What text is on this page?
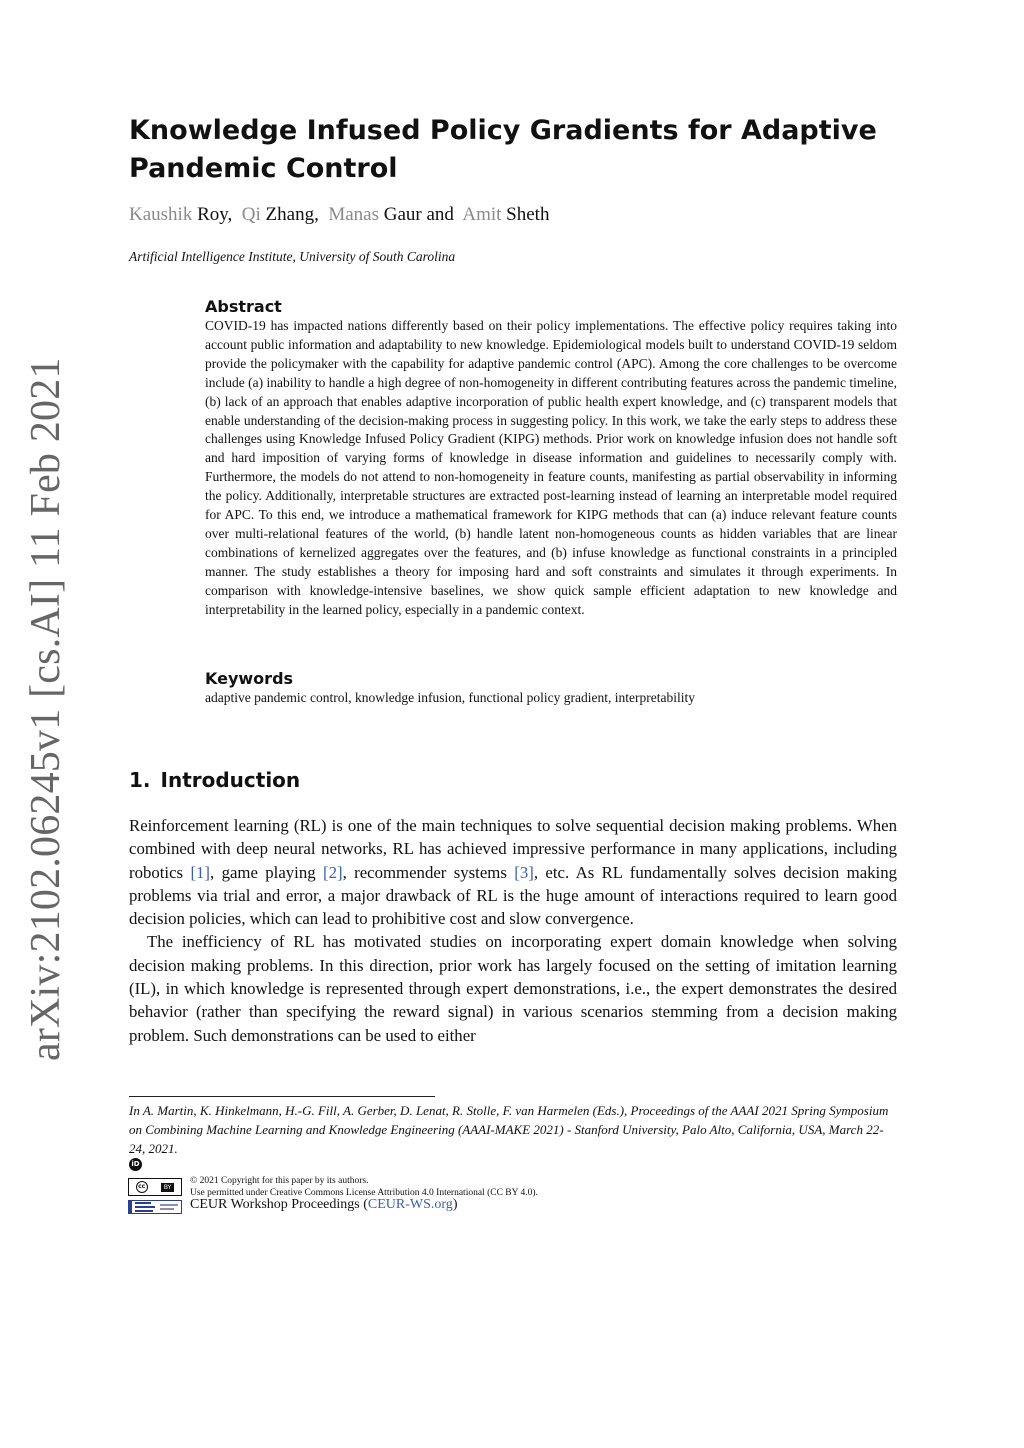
arXiv:2102.06245v1 [cs.AI] 11 Feb 2021
Knowledge Infused Policy Gradients for Adaptive Pandemic Control
Kaushik Roy, Qi Zhang, Manas Gaur and Amit Sheth
Artificial Intelligence Institute, University of South Carolina
Abstract

COVID-19 has impacted nations differently based on their policy implementations. The effective policy requires taking into account public information and adaptability to new knowledge. Epidemiological models built to understand COVID-19 seldom provide the policymaker with the capability for adaptive pandemic control (APC). Among the core challenges to be overcome include (a) inability to handle a high degree of non-homogeneity in different contributing features across the pandemic timeline, (b) lack of an approach that enables adaptive incorporation of public health expert knowledge, and (c) transparent models that enable understanding of the decision-making process in suggesting policy. In this work, we take the early steps to address these challenges using Knowledge Infused Policy Gradient (KIPG) methods. Prior work on knowledge infusion does not handle soft and hard imposition of varying forms of knowledge in disease information and guidelines to necessarily comply with. Furthermore, the models do not attend to non-homogeneity in feature counts, manifesting as partial observability in informing the policy. Additionally, interpretable structures are extracted post-learning instead of learning an interpretable model required for APC. To this end, we introduce a mathematical framework for KIPG methods that can (a) induce relevant feature counts over multi-relational features of the world, (b) handle latent non-homogeneous counts as hidden variables that are linear combinations of kernelized aggregates over the features, and (b) infuse knowledge as functional constraints in a principled manner. The study establishes a theory for imposing hard and soft constraints and simulates it through experiments. In comparison with knowledge-intensive baselines, we show quick sample efficient adaptation to new knowledge and interpretability in the learned policy, especially in a pandemic context.

Keywords

adaptive pandemic control, knowledge infusion, functional policy gradient, interpretability

1. Introduction

Reinforcement learning (RL) is one of the main techniques to solve sequential decision making problems. When combined with deep neural networks, RL has achieved impressive performance in many applications, including robotics [1], game playing [2], recommender systems [3], etc. As RL fundamentally solves decision making problems via trial and error, a major drawback of RL is the huge amount of interactions required to learn good decision policies, which can lead to prohibitive cost and slow convergence.

The inefficiency of RL has motivated studies on incorporating expert domain knowledge when solving decision making problems. In this direction, prior work has largely focused on the setting of imitation learning (IL), in which knowledge is represented through expert demonstrations, i.e., the expert demonstrates the desired behavior (rather than specifying the reward signal) in various scenarios stemming from a decision making problem. Such demonstrations can be used to either

In A. Martin, K. Hinkelmann, H.-G. Fill, A. Gerber, D. Lenat, R. Stolle, F. van Harmelen (Eds.), Proceedings of the AAAI 2021 Spring Symposium on Combining Machine Learning and Knowledge Engineering (AAAI-MAKE 2021) - Stanford University, Palo Alto, California, USA, March 22-24, 2021.
iD
cc	BY
© 2021 Copyright for this paper by its authors.
Use permitted under Creative Commons License Attribution 4.0 International (CC BY 4.0).
CEUR Workshop Proceedings (CEUR-WS.org)
